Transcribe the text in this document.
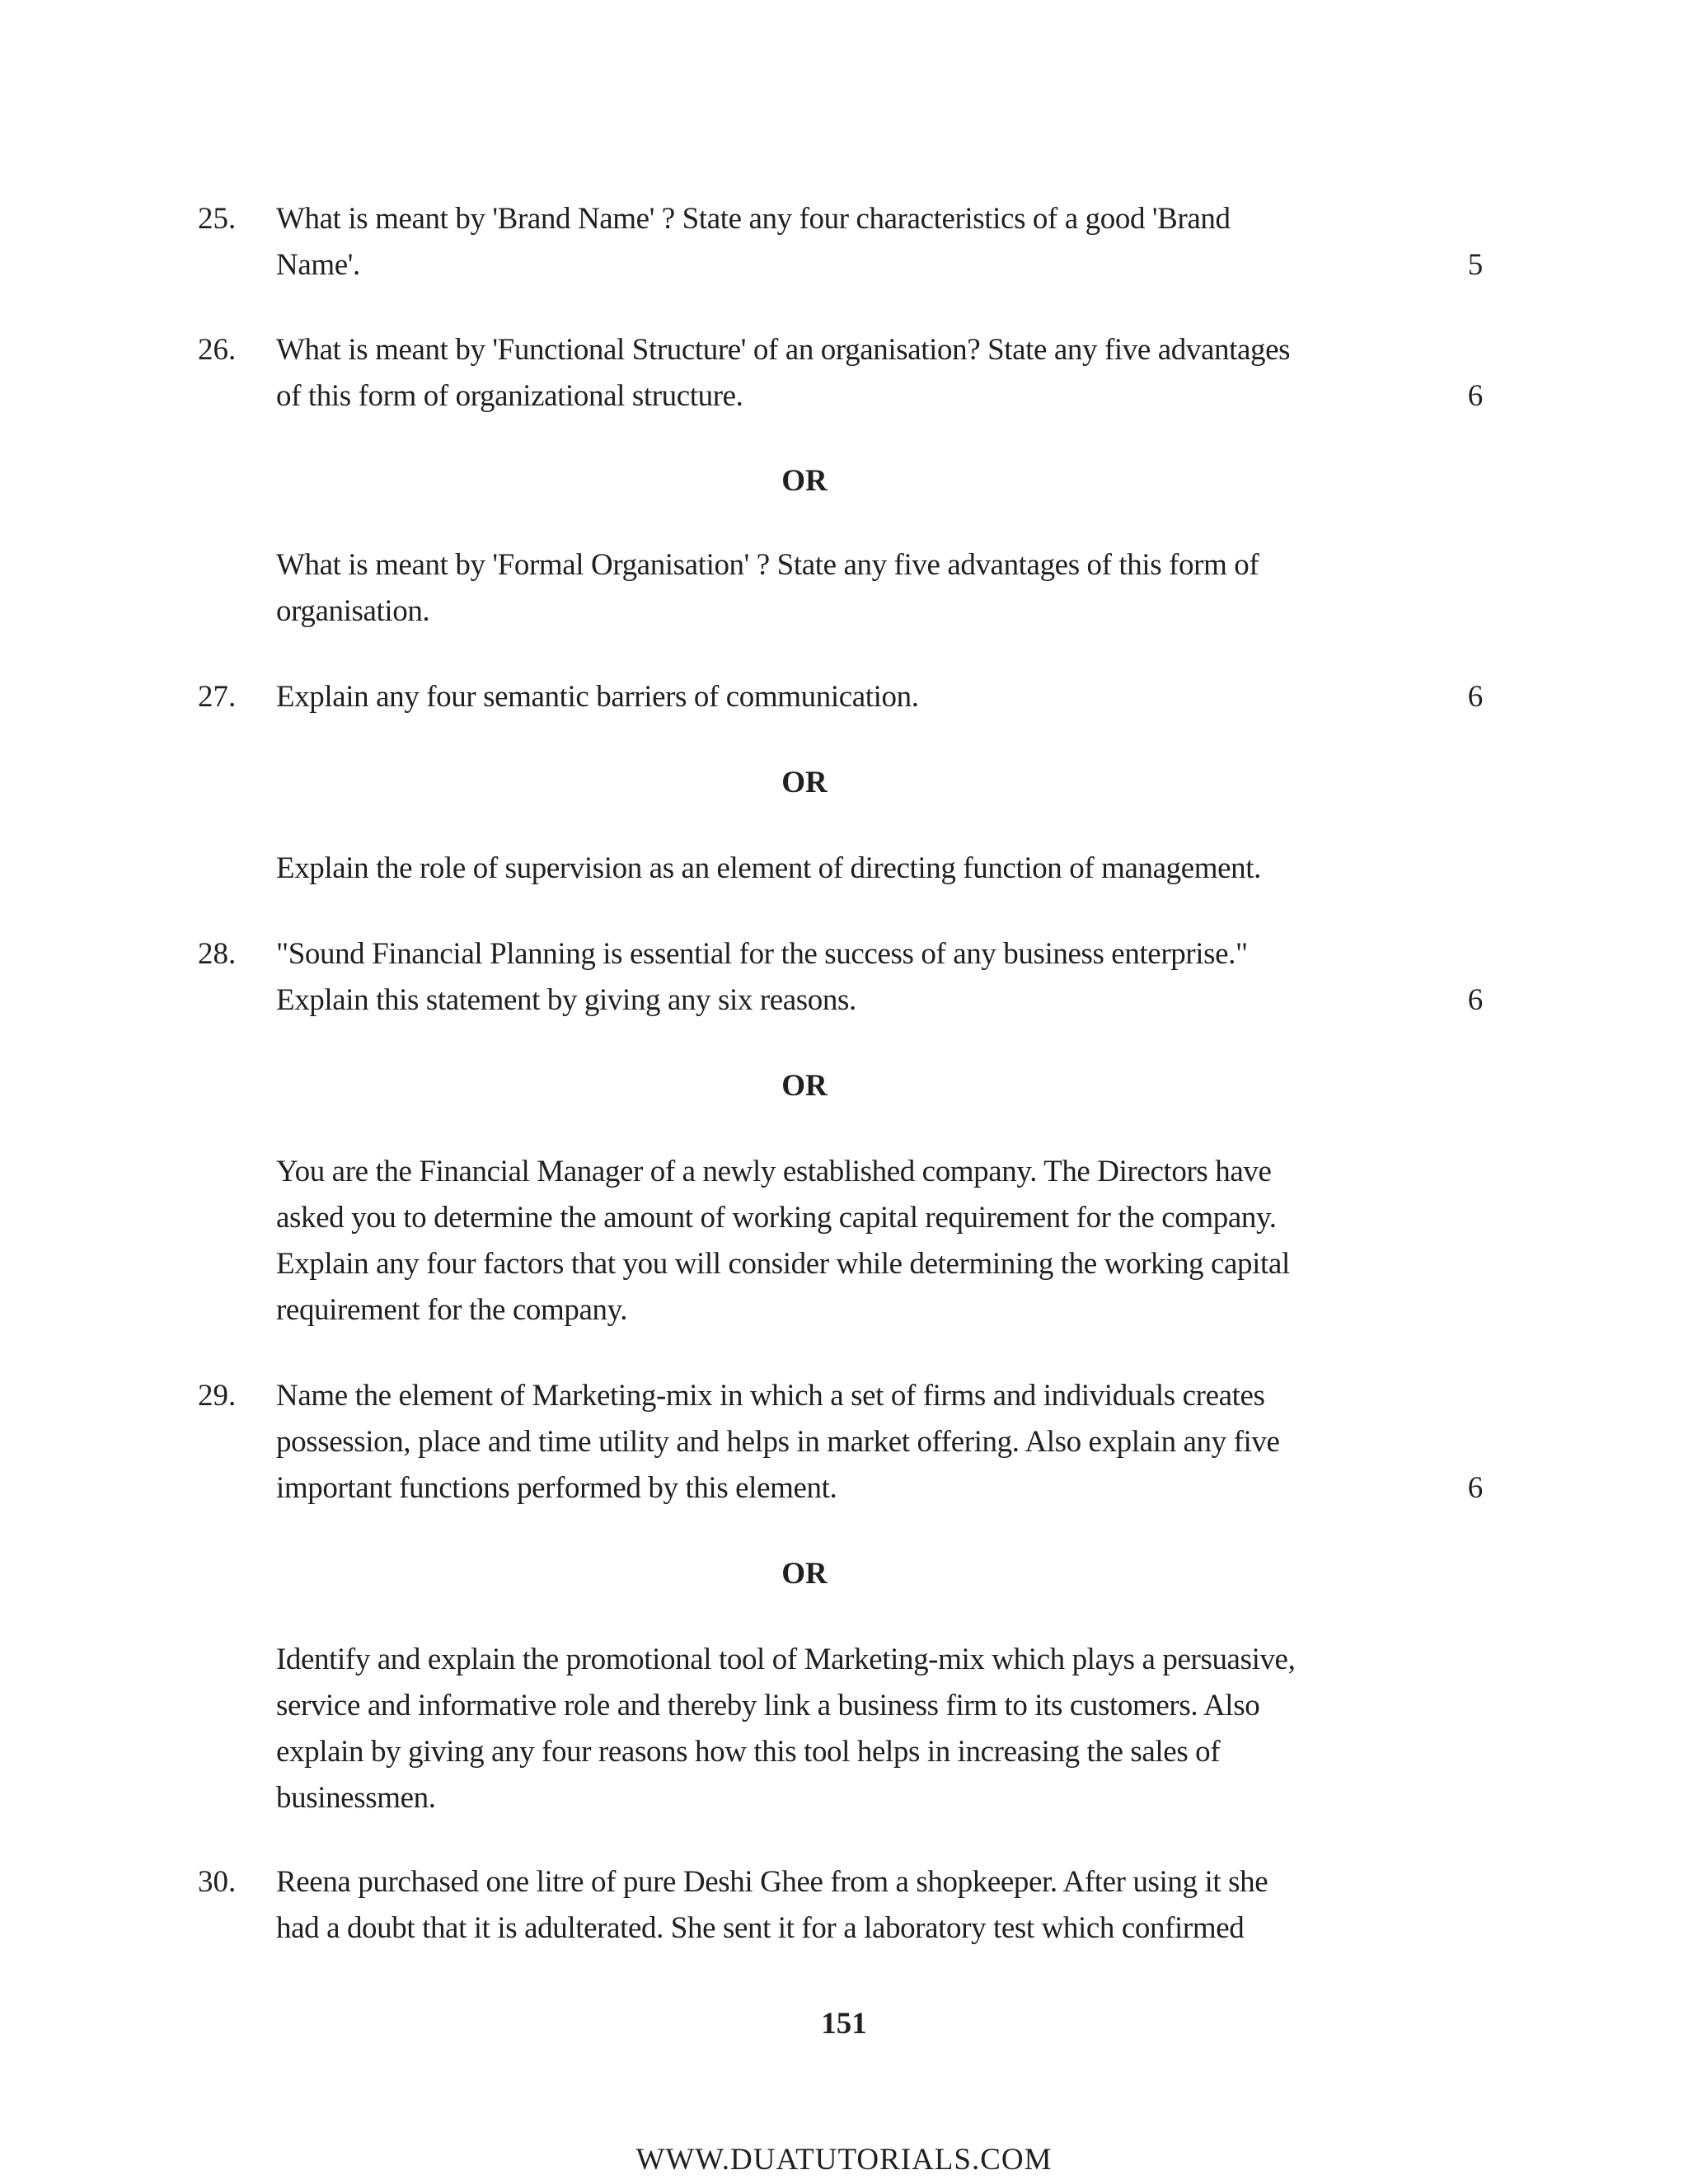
25. What is meant by 'Brand Name' ? State any four characteristics of a good 'Brand
Name'.	5
26. What is meant by 'Functional Structure' of an organisation? State any five advantages
of this form of organizational structure.	6
OR
What is meant by 'Formal Organisation' ? State any five advantages of this form of
organisation.
27. Explain any four semantic barriers of communication.	6
OR
Explain the role of supervision as an element of directing function of management.
28. "Sound Financial Planning is essential for the success of any business enterprise."
Explain this statement by giving any six reasons.	6
OR
You are the Financial Manager of a newly established company. The Directors have
asked you to determine the amount of working capital requirement for the company.
Explain any four factors that you will consider while determining the working capital
requirement for the company.
29. Name the element of Marketing-mix in which a set of firms and individuals creates
possession, place and time utility and helps in market offering. Also explain any five
important functions performed by this element.	6
OR
Identify and explain the promotional tool of Marketing-mix which plays a persuasive,
service and informative role and thereby link a business firm to its customers. Also
explain by giving any four reasons how this tool helps in increasing the sales of
businessmen.
30. Reena purchased one litre of pure Deshi Ghee from a shopkeeper. After using it she
had a doubt that it is adulterated. She sent it for a laboratory test which confirmed
151
WWW.DUATUTORIALS.COM
